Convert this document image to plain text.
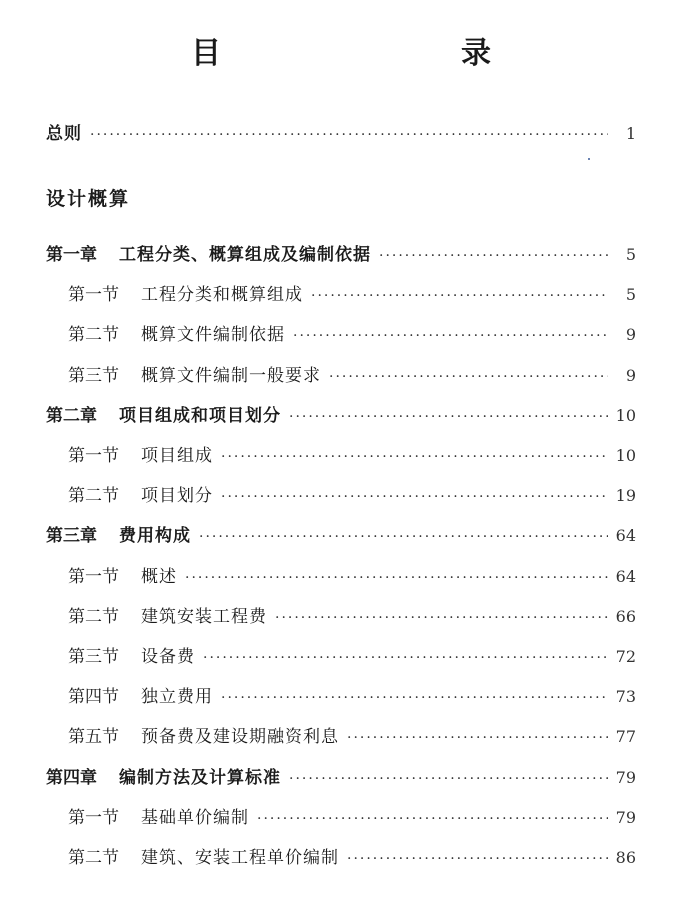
目　　录
总则 ·····	1
设计概算
第一章 工程分类、概算组成及编制依据 ·····	5
第一节 工程分类和概算组成 ·····	5
第二节 概算文件编制依据 ·····	9
第三节 概算文件编制一般要求 ·····	9
第二章 项目组成和项目划分 ·····	10
第一节 项目组成 ·····	10
第二节 项目划分 ·····	19
第三章 费用构成 ·····	64
第一节 概述 ·····	64
第二节 建筑安装工程费 ·····	66
第三节 设备费 ·····	72
第四节 独立费用 ·····	73
第五节 预备费及建设期融资利息 ·····	77
第四章 编制方法及计算标准 ·····	79
第一节 基础单价编制 ·····	79
第二节 建筑、安装工程单价编制 ·····	86
